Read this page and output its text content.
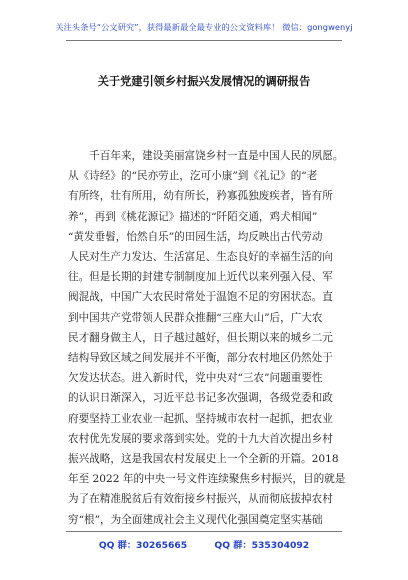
关注头条号“公文研究”，获得最新最全最专业的公文资料库！ 微信：gongwenyj
关于党建引领乡村振兴发展情况的调研报告

　　千百年来，建设美丽富饶乡村一直是中国人民的夙愿。
从《诗经》的“民亦劳止，汔可小康”到《礼记》的“老
有所终，壮有所用，幼有所长，矜寡孤独废疾者，皆有所
养”，再到《桃花源记》描述的“阡陌交通，鸡犬相闻”
“黄发垂髫，怡然自乐”的田园生活，均反映出古代劳动
人民对生产力发达、生活富足、生态良好的幸福生活的向
往。但是长期的封建专制制度加上近代以来列强入侵、军
阀混战，中国广大农民时常处于温饱不足的穷困状态。直
到中国共产党带领人民群众推翻“三座大山”后，广大农
民才翻身做主人，日子越过越好，但长期以来的城乡二元
结构导致区域之间发展并不平衡，部分农村地区仍然处于
欠发达状态。进入新时代，党中央对“三农”问题重要性
的认识日渐深入，习近平总书记多次强调，各级党委和政
府要坚持工业农业一起抓、坚持城市农村一起抓，把农业
农村优先发展的要求落到实处。党的十九大首次提出乡村
振兴战略，这是我国农村发展史上一个全新的开篇。2018
年至 2022 年的中央一号文件连续聚焦乡村振兴，目的就是
为了在精准脱贫后有效衔接乡村振兴，从而彻底拔掉农村
穷“根”，为全面建成社会主义现代化强国奠定坚实基础

QQ 群：30265665	QQ 群：535304092
